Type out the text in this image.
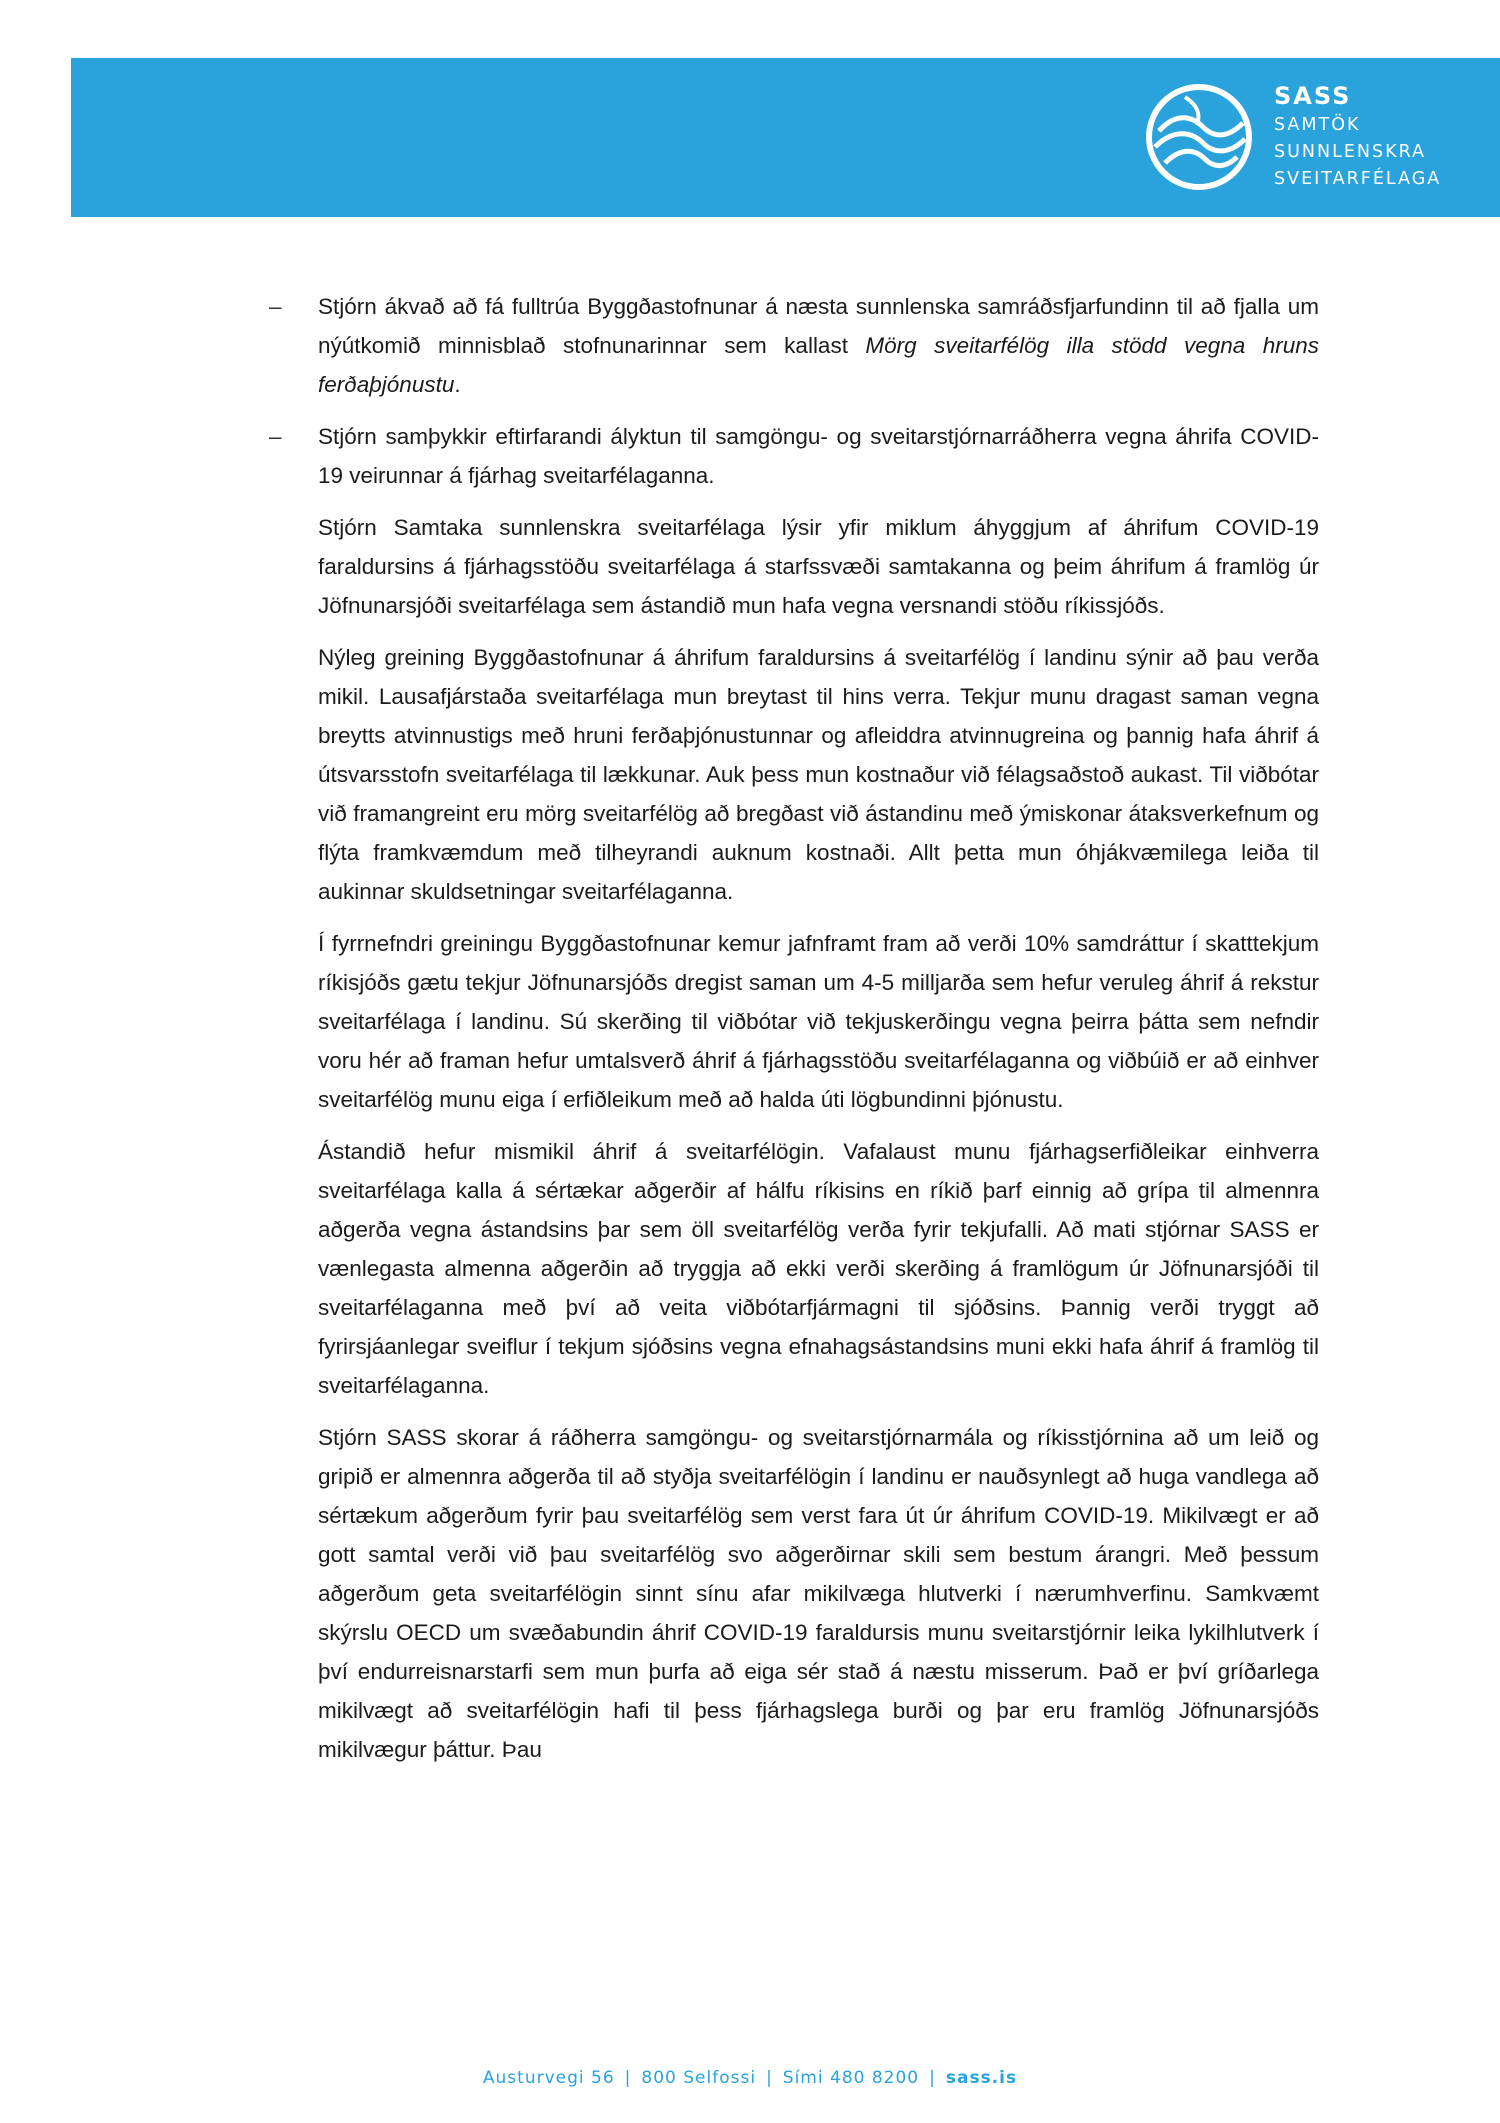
SASS
SAMTÖK
SUNNLENSKRA
SVEITARFÉLAGA

– Stjórn ákvað að fá fulltrúa Byggðastofnunar á næsta sunnlenska samráðsfjarfundinn til að fjalla um nýútkomið minnisblað stofnunarinnar sem kallast Mörg sveitarfélög illa stödd vegna hruns ferðaþjónustu.

– Stjórn samþykkir eftirfarandi ályktun til samgöngu- og sveitarstjórnarráðherra vegna áhrifa COVID-19 veirunnar á fjárhag sveitarfélaganna.

Stjórn Samtaka sunnlenskra sveitarfélaga lýsir yfir miklum áhyggjum af áhrifum COVID-19 faraldursins á fjárhagsstöðu sveitarfélaga á starfssvæði samtakanna og þeim áhrifum á framlög úr Jöfnunarsjóði sveitarfélaga sem ástandið mun hafa vegna versnandi stöðu ríkissjóðs.

Nýleg greining Byggðastofnunar á áhrifum faraldursins á sveitarfélög í landinu sýnir að þau verða mikil. Lausafjárstaða sveitarfélaga mun breytast til hins verra. Tekjur munu dragast saman vegna breytts atvinnustigs með hruni ferðaþjónustunnar og afleiddra atvinnugreina og þannig hafa áhrif á útsvarsstofn sveitarfélaga til lækkunar. Auk þess mun kostnaður við félagsaðstoð aukast. Til viðbótar við framangreint eru mörg sveitarfélög að bregðast við ástandinu með ýmiskonar átaksverkefnum og flýta framkvæmdum með tilheyrandi auknum kostnaði. Allt þetta mun óhjákvæmilega leiða til aukinnar skuldsetningar sveitarfélaganna.

Í fyrrnefndri greiningu Byggðastofnunar kemur jafnframt fram að verði 10% samdráttur í skatttekjum ríkisjóðs gætu tekjur Jöfnunarsjóðs dregist saman um 4-5 milljarða sem hefur veruleg áhrif á rekstur sveitarfélaga í landinu. Sú skerðing til viðbótar við tekjuskerðingu vegna þeirra þátta sem nefndir voru hér að framan hefur umtalsverð áhrif á fjárhagsstöðu sveitarfélaganna og viðbúið er að einhver sveitarfélög munu eiga í erfiðleikum með að halda úti lögbundinni þjónustu.

Ástandið hefur mismikil áhrif á sveitarfélögin. Vafalaust munu fjárhagserfiðleikar einhverra sveitarfélaga kalla á sértækar aðgerðir af hálfu ríkisins en ríkið þarf einnig að grípa til almennra aðgerða vegna ástandsins þar sem öll sveitarfélög verða fyrir tekjufalli. Að mati stjórnar SASS er vænlegasta almenna aðgerðin að tryggja að ekki verði skerðing á framlögum úr Jöfnunarsjóði til sveitarfélaganna með því að veita viðbótarfjármagni til sjóðsins. Þannig verði tryggt að fyrirsjáanlegar sveiflur í tekjum sjóðsins vegna efnahagsástandsins muni ekki hafa áhrif á framlög til sveitarfélaganna.

Stjórn SASS skorar á ráðherra samgöngu- og sveitarstjórnarmála og ríkisstjórnina að um leið og gripið er almennra aðgerða til að styðja sveitarfélögin í landinu er nauðsynlegt að huga vandlega að sértækum aðgerðum fyrir þau sveitarfélög sem verst fara út úr áhrifum COVID-19. Mikilvægt er að gott samtal verði við þau sveitarfélög svo aðgerðirnar skili sem bestum árangri. Með þessum aðgerðum geta sveitarfélögin sinnt sínu afar mikilvæga hlutverki í nærumhverfinu. Samkvæmt skýrslu OECD um svæðabundin áhrif COVID-19 faraldursis munu sveitarstjórnir leika lykilhlutverk í því endurreisnarstarfi sem mun þurfa að eiga sér stað á næstu misserum. Það er því gríðarlega mikilvægt að sveitarfélögin hafi til þess fjárhagslega burði og þar eru framlög Jöfnunarsjóðs mikilvægur þáttur. Þau

Austurvegi 56 | 800 Selfossi | Sími 480 8200 | sass.is
